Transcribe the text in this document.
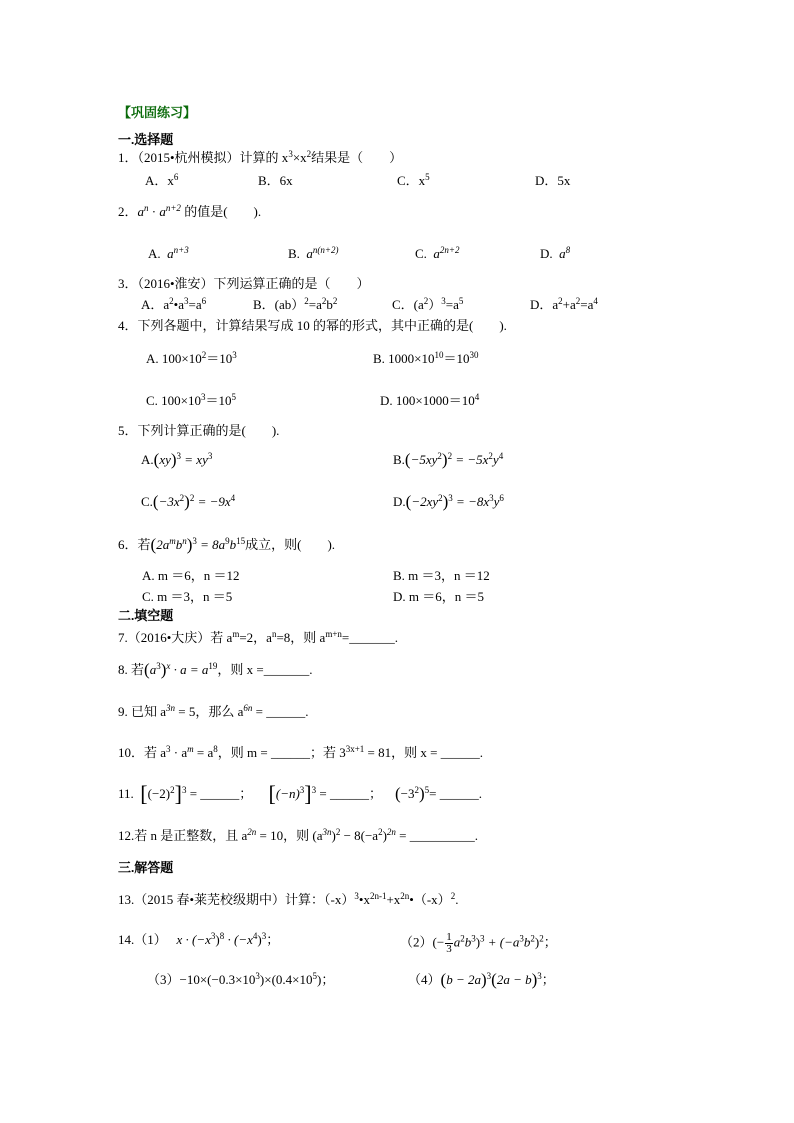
【巩固练习】
一.选择题
1．（2015•杭州模拟）计算的 $x^3\times x^2$结果是（　　）
A．$x^6$	B．6x	C．$x^5$	D．5x
2．$a^n \cdot a^{n+2}$ 的值是(　　).
A. $a^{n+3}$	B. $a^{n(n+2)}$	C. $a^{2n+2}$	D. $a^8$
3．（2016•淮安）下列运算正确的是（　　）
A．$a^2•a^3=a^6$	B．$(ab)^2=a^2b^2$	C．$(a^2)^3=a^5$	D．$a^2+a^2=a^4$
4．下列各题中，计算结果写成 10 的幂的形式，其中正确的是(　　).
A. $100\times 10^2=10^3$	B. $1000\times 10^{10}=10^{30}$
C. $100\times 10^3=10^5$	D. $100\times 1000=10^4$
5．下列计算正确的是(　　).
$A.(xy)^3 = xy^3$	$B.(-5xy^2)^2 = -5x^2y^4$
$C.(-3x^2)^2 = -9x^4$	$D.(-2xy^2)^3 = -8x^3y^6$
6．若$(2a^mb^n)^3 = 8a^9b^{15}$成立，则(　　).
A. m ＝6，n ＝12	B. m ＝3，n ＝12
C. m ＝3，n ＝5	D. m ＝6，n ＝5
二.填空题
7.（2016•大庆）若 $a^m=2$，$a^n=8$，则 $a^{m+n}=\_\_\_\_\_\_\_$.
8. 若$(a^3)^x \cdot a = a^{19}$，则 x =_______.
9. 已知 $a^{3n} = 5$，那么 $a^{6n}$ = ______.
10．若 $a^3 \cdot a^m = a^8$，则 m = ______；若 $3^{3x+1} = 81$，则 x = ______.
11. $[(-2)^2]^3$ = ______； $[(-n)^3]^3$ = ______； $(-3^2)^5=$ ______.
12.若 n 是正整数，且 $a^{2n} = 10$，则 $(a^{3n})^2 - 8(-a^2)^{2n}$ = __________.
三.解答题
13.（2015 春•莱芜校级期中）计算：$(-x)^3•x^{2n-1}+x^{2n}•(-x)^2$.
14.（1） $x \cdot (-x^3)^8 \cdot (-x^4)^3$；	$(2)(- \frac{1}{3} a^2b^3)^3 + (-a^3b^2)^2$；
$(3)-10\times(-0.3\times 10^3)\times(0.4\times 10^5)$；	$(4)(b - 2a)^3(2a - b)^3$；
